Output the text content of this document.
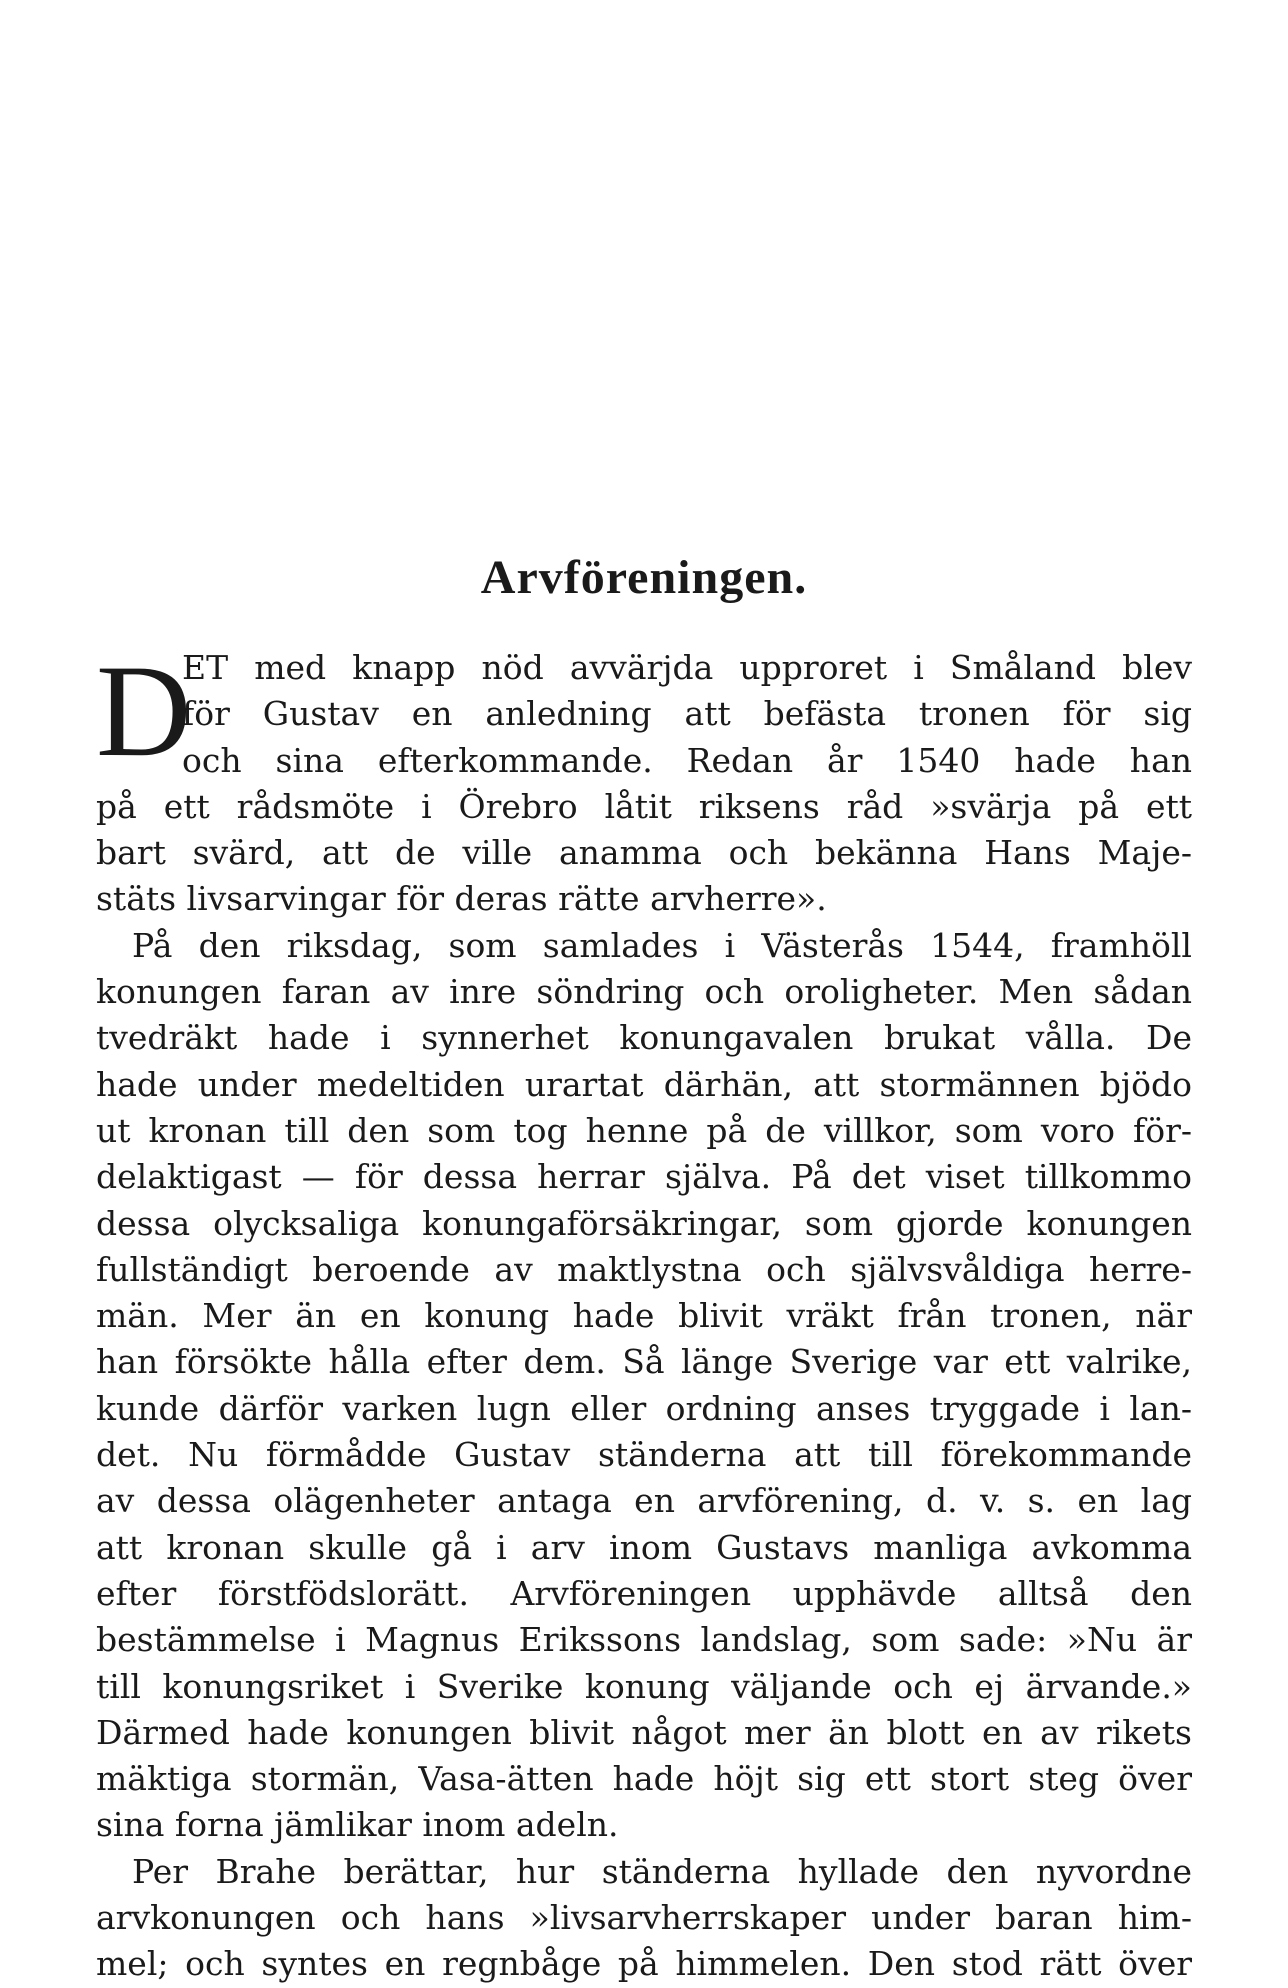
Arvföreningen.
D
ET med knapp nöd avvärjda upproret i Småland blev
för Gustav en anledning att befästa tronen för sig
och sina efterkommande. Redan år 1540 hade han
på ett rådsmöte i Örebro låtit riksens råd »svärja på ett
bart svärd, att de ville anamma och bekänna Hans Maje-
stäts livsarvingar för deras rätte arvherre».
På den riksdag, som samlades i Västerås 1544, framhöll
konungen faran av inre söndring och oroligheter. Men sådan
tvedräkt hade i synnerhet konungavalen brukat vålla. De
hade under medeltiden urartat därhän, att stormännen bjödo
ut kronan till den som tog henne på de villkor, som voro för-
delaktigast — för dessa herrar själva. På det viset tillkommo
dessa olycksaliga konungaförsäkringar, som gjorde konungen
fullständigt beroende av maktlystna och självsvåldiga herre-
män. Mer än en konung hade blivit vräkt från tronen, när
han försökte hålla efter dem. Så länge Sverige var ett valrike,
kunde därför varken lugn eller ordning anses tryggade i lan-
det. Nu förmådde Gustav ständerna att till förekommande
av dessa olägenheter antaga en arvförening, d. v. s. en lag
att kronan skulle gå i arv inom Gustavs manliga avkomma
efter förstfödslorätt. Arvföreningen upphävde alltså den
bestämmelse i Magnus Erikssons landslag, som sade: »Nu är
till konungsriket i Sverike konung väljande och ej ärvande.»
Därmed hade konungen blivit något mer än blott en av rikets
mäktiga stormän, Vasa-ätten hade höjt sig ett stort steg över
sina forna jämlikar inom adeln.
Per Brahe berättar, hur ständerna hyllade den nyvordne
arvkonungen och hans »livsarvherrskaper under baran him-
mel; och syntes en regnbåge på himmelen. Den stod rätt över
